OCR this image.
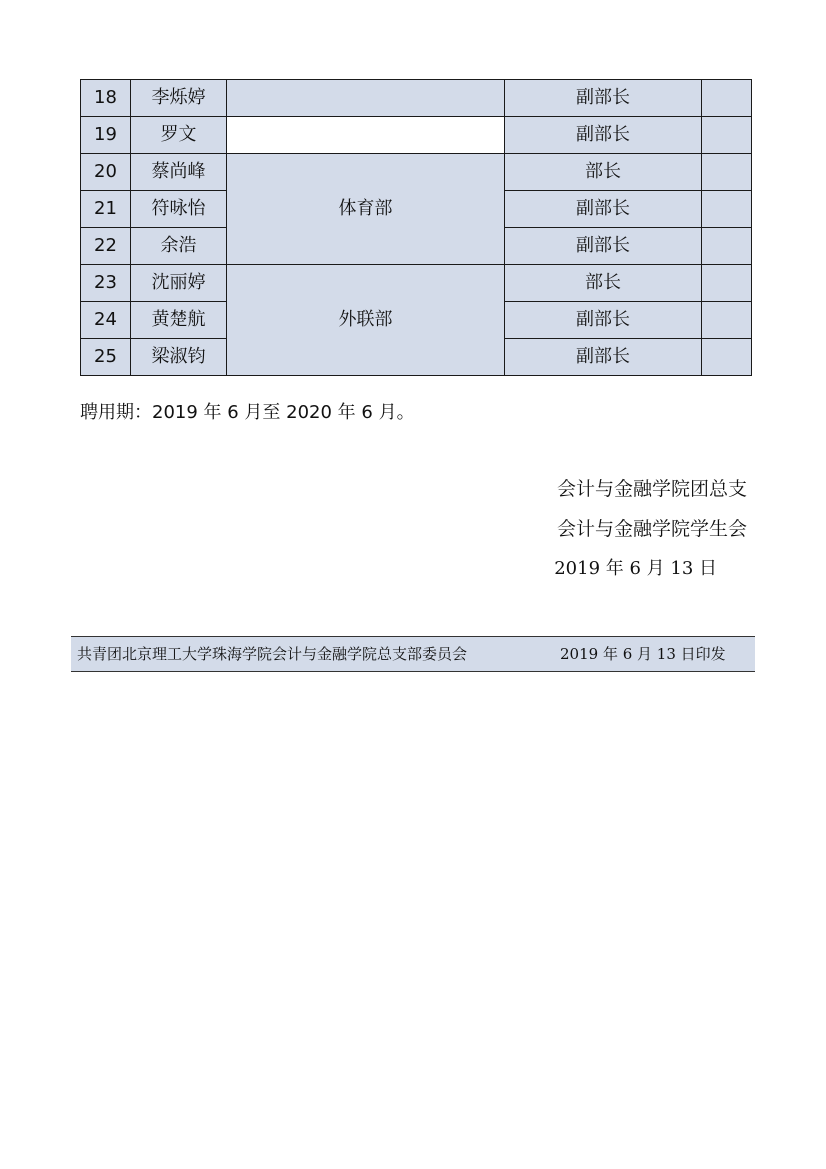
18	李烁婷		副部长	
19	罗文		副部长	
20	蔡尚峰	体育部	部长	
21	符咏怡		副部长	
22	余浩		副部长	
23	沈丽婷	外联部	部长	
24	黄楚航		副部长	
25	梁淑钧		副部长	
聘用期：2019 年 6 月至 2020 年 6 月。
会计与金融学院团总支
会计与金融学院学生会
2019 年 6 月 13 日
共青团北京理工大学珠海学院会计与金融学院总支部委员会	2019 年 6 月 13 日印发
